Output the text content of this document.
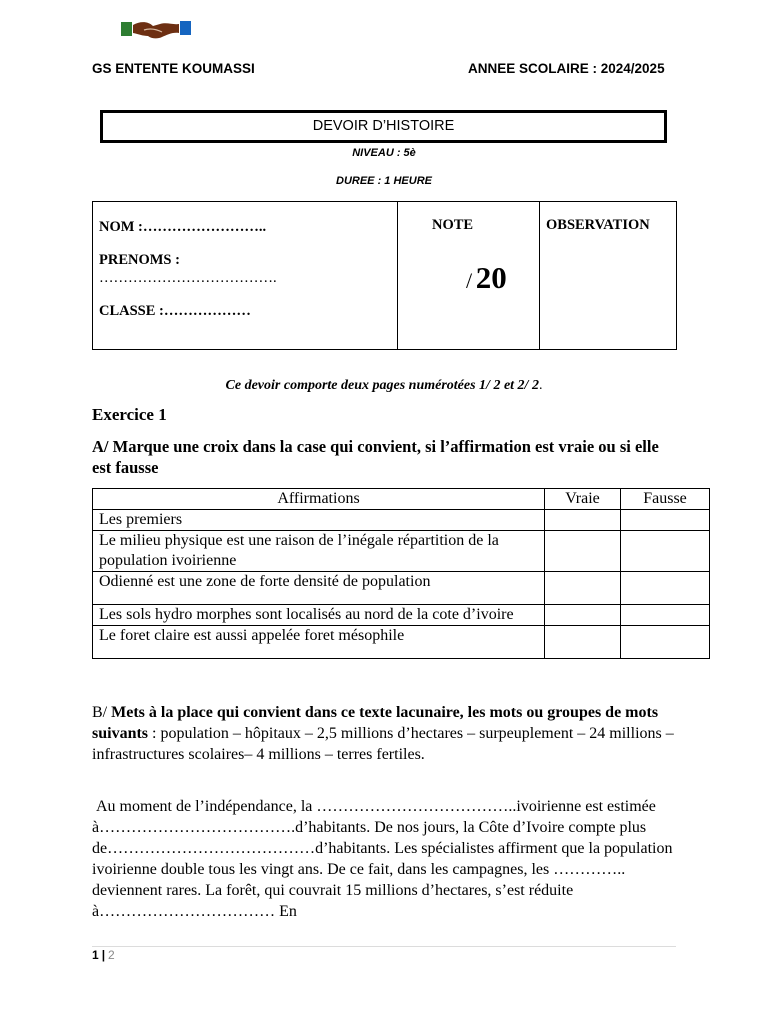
GS ENTENTE KOUMASSI	ANNEE SCOLAIRE : 2024/2025
DEVOIR D’HISTOIRE
NIVEAU : 5è
DUREE : 1 HEURE
NOM :……………………..
PRENOMS :
……………………………….
CLASSE :………………

NOTE
/ 20

OBSERVATION
Ce devoir comporte deux pages numérotées 1/ 2 et 2/ 2.
Exercice 1
A/ Marque une croix dans la case qui convient, si l’affirmation est vraie ou si elle est fausse
Affirmations	Vraie	Fausse
Les premiers		
Le milieu physique est une raison de l’inégale répartition de la population ivoirienne		
Odienné est une zone de forte densité de population		
Les sols hydro morphes sont localisés au nord de la cote d’ivoire		
Le foret claire est aussi appelée foret mésophile		
B/ Mets à la place qui convient dans ce texte lacunaire, les mots ou groupes de mots suivants : population – hôpitaux – 2,5 millions d’hectares – surpeuplement – 24 millions – infrastructures scolaires– 4 millions – terres fertiles.
Au moment de l’indépendance, la ………………………………..ivoirienne est estimée à……………………………….d’habitants. De nos jours, la Côte d’Ivoire compte plus de…………………………………d’habitants. Les spécialistes affirment que la population ivoirienne double tous les vingt ans. De ce fait, dans les campagnes, les ………….. deviennent rares. La forêt, qui couvrait 15 millions d’hectares, s’est réduite à…………………………… En
1 | 2
